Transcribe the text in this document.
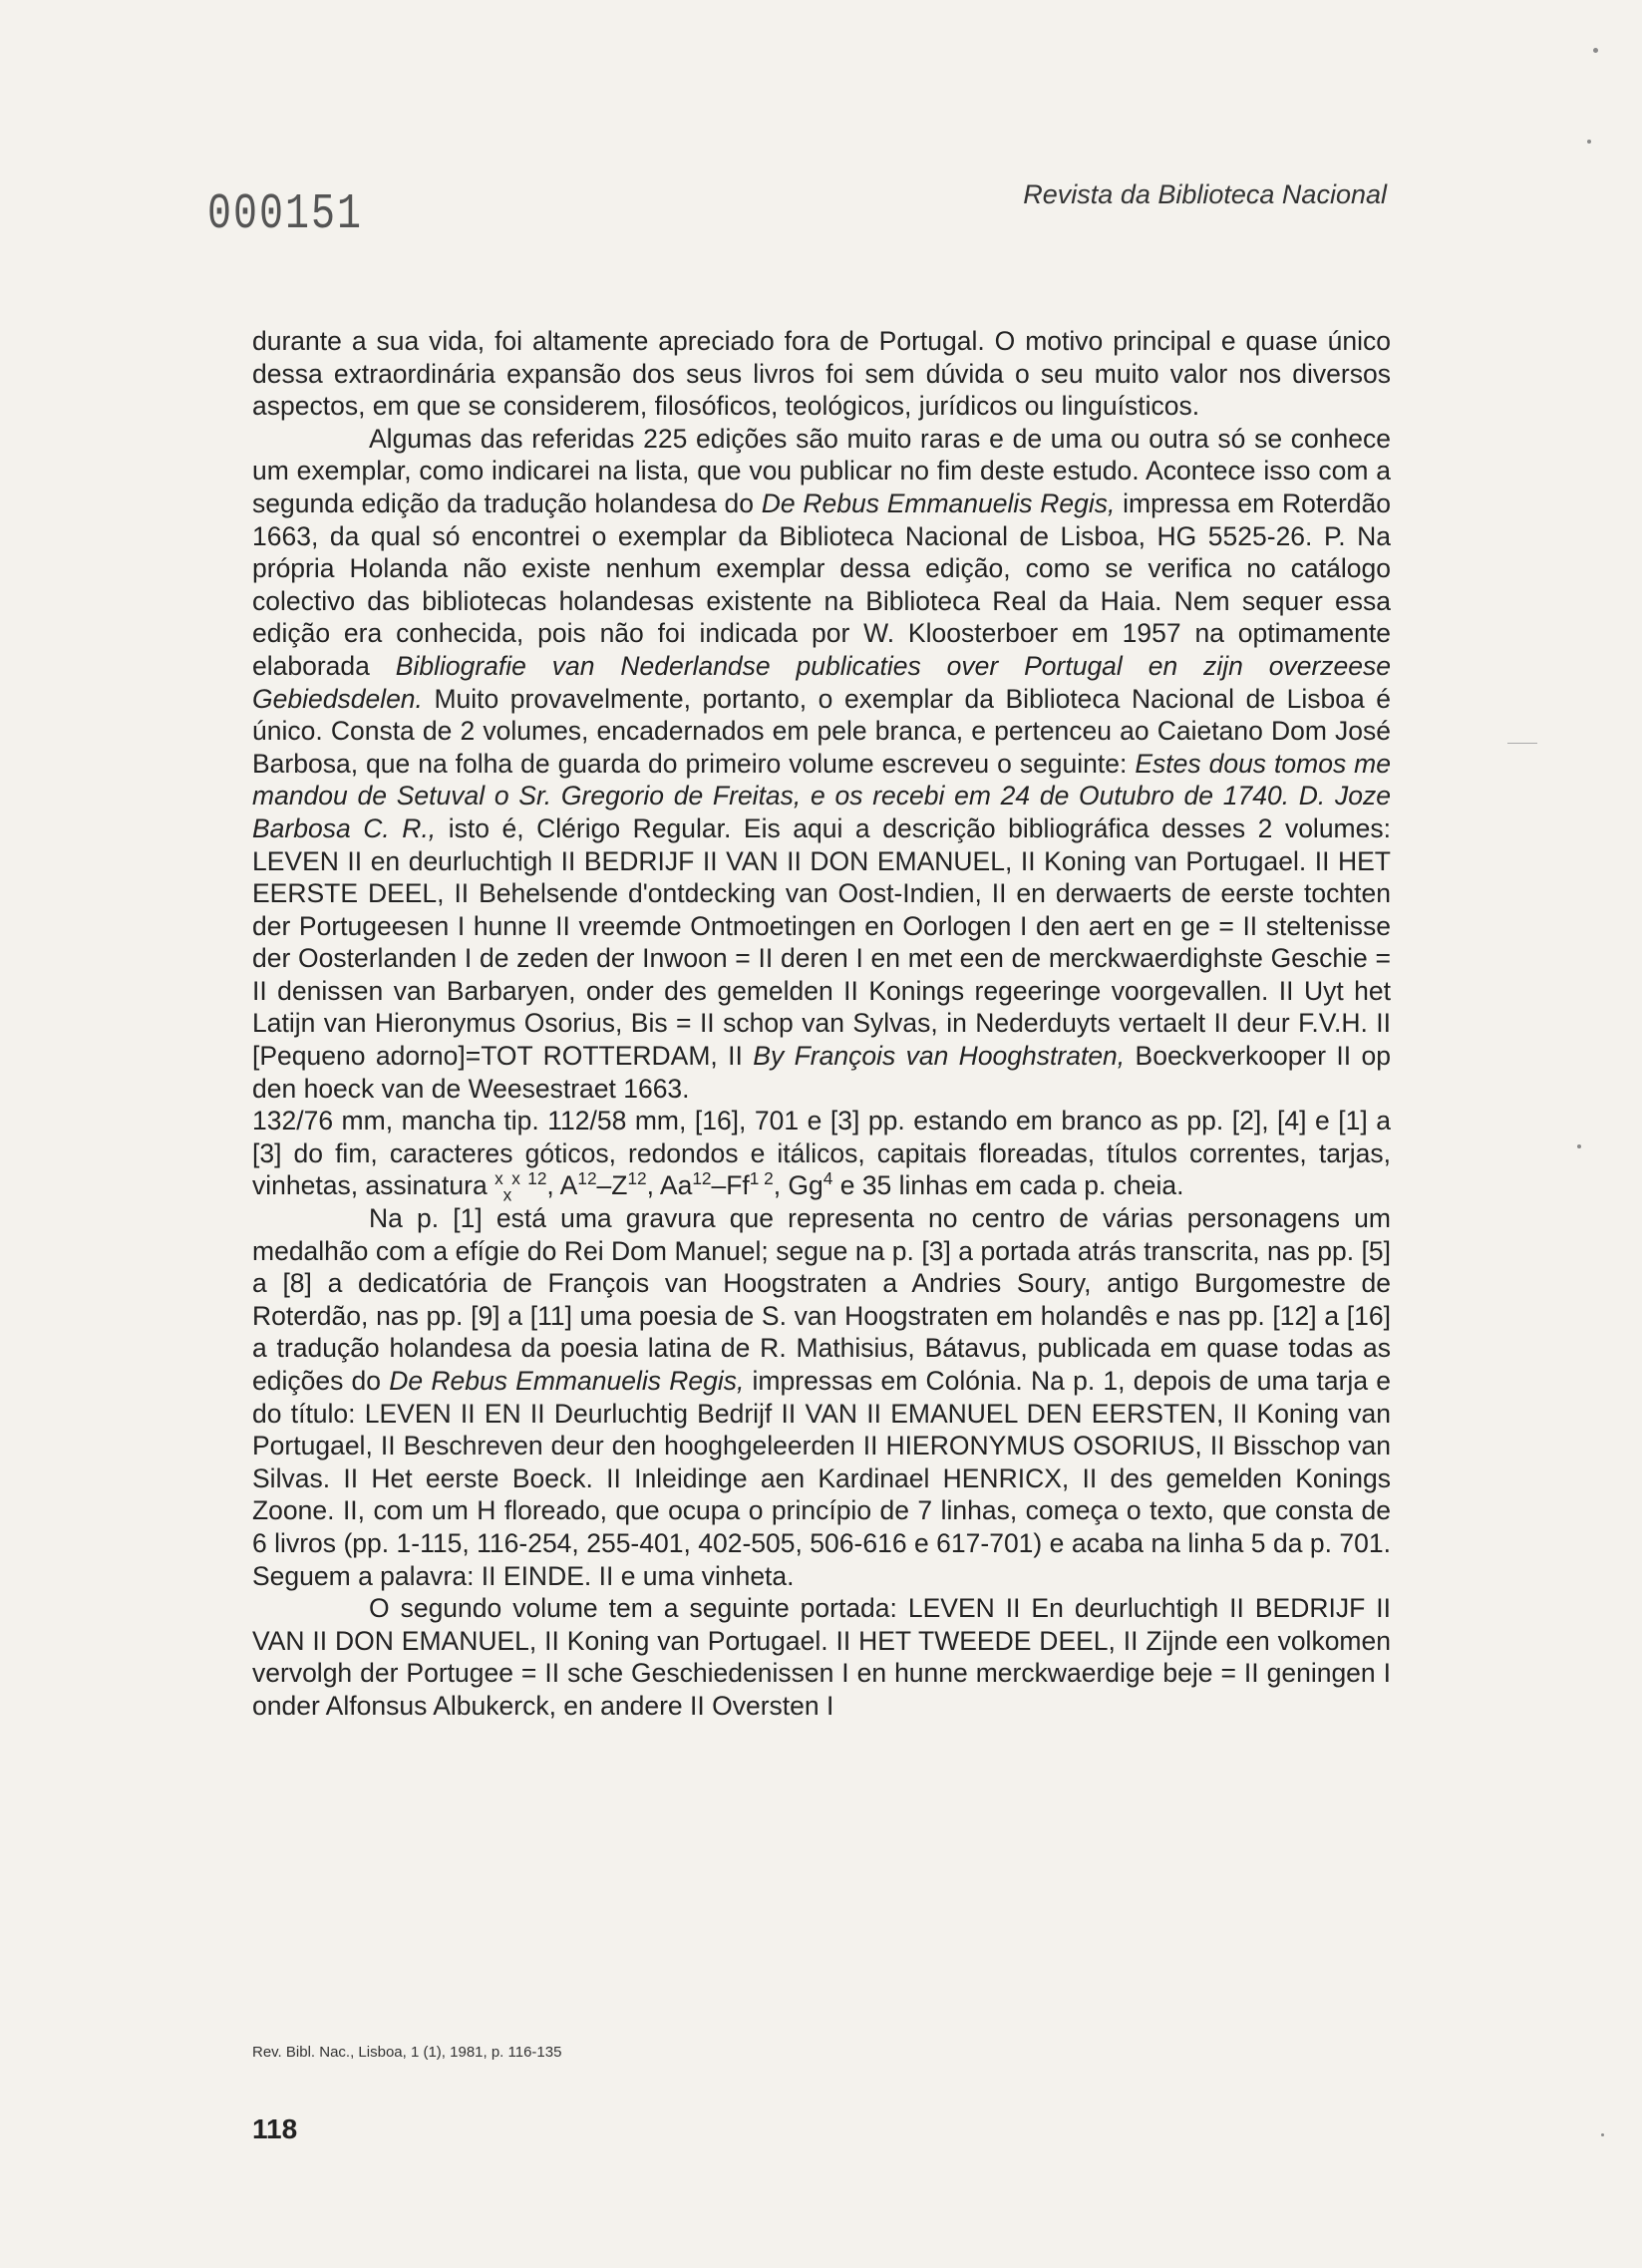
000151	Revista da Biblioteca Nacional

durante a sua vida, foi altamente apreciado fora de Portugal. O motivo principal e quase único dessa extraordinária expansão dos seus livros foi sem dúvida o seu muito valor nos diversos aspectos, em que se considerem, filosóficos, teológicos, jurídicos ou linguísticos.

Algumas das referidas 225 edições são muito raras e de uma ou outra só se conhece um exemplar, como indicarei na lista, que vou publicar no fim deste estudo. Acontece isso com a segunda edição da tradução holandesa do De Rebus Emmanuelis Regis, impressa em Roterdão 1663, da qual só encontrei o exemplar da Biblioteca Nacional de Lisboa, HG 5525-26. P. Na própria Holanda não existe nenhum exemplar dessa edição, como se verifica no catálogo colectivo das bibliotecas holandesas existente na Biblioteca Real da Haia. Nem sequer essa edição era conhecida, pois não foi indicada por W. Kloosterboer em 1957 na optimamente elaborada Bibliografie van Nederlandse publicaties over Portugal en zijn overzeese Gebiedsdelen. Muito provavelmente, portanto, o exemplar da Biblioteca Nacional de Lisboa é único. Consta de 2 volumes, encadernados em pele branca, e pertenceu ao Caietano Dom José Barbosa, que na folha de guarda do primeiro volume escreveu o seguinte: Estes dous tomos me mandou de Setuval o Sr. Gregorio de Freitas, e os recebi em 24 de Outubro de 1740. D. Joze Barbosa C. R., isto é, Clérigo Regular. Eis aqui a descrição bibliográfica desses 2 volumes: LEVEN II en deurluchtigh II BEDRIJF II VAN II DON EMANUEL, II Koning van Portugael. II HET EERSTE DEEL, II Behelsende d'ontdecking van Oost-Indien, II en derwaerts de eerste tochten der Portugeesen I hunne II vreemde Ontmoetingen en Oorlogen I den aert en ge = II steltenisse der Oosterlanden I de zeden der Inwoon = II deren I en met een de merckwaerdighste Geschie = II denissen van Barbaryen, onder des gemelden II Konings regeeringe voorgevallen. II Uyt het Latijn van Hieronymus Osorius, Bis = II schop van Sylvas, in Nederduyts vertaelt II deur F.V.H. II [Pequeno adorno]=TOT ROTTERDAM, II By François van Hooghstraten, Boeckverkooper II op den hoeck van de Weesestraet 1663.

132/76 mm, mancha tip. 112/58 mm, [16], 701 e [3] pp. estando em branco as pp. [2], [4] e [1] a [3] do fim, caracteres góticos, redondos e itálicos, capitais floreadas, títulos correntes, tarjas, vinhetas, assinatura $^x_x^x$ $^{12}$, $A^{12}-Z^{12}$, $Aa^{12}-Ff^{1 2}$, Gg$^4$ e 35 linhas em cada p. cheia.

Na p. [1] está uma gravura que representa no centro de várias personagens um medalhão com a efígie do Rei Dom Manuel; segue na p. [3] a portada atrás transcrita, nas pp. [5] a [8] a dedicatória de François van Hoogstraten a Andries Soury, antigo Burgomestre de Roterdão, nas pp. [9] a [11] uma poesia de S. van Hoogstraten em holandês e nas pp. [12] a [16] a tradução holandesa da poesia latina de R. Mathisius, Bátavus, publicada em quase todas as edições do De Rebus Emmanuelis Regis, impressas em Colónia. Na p. 1, depois de uma tarja e do título: LEVEN II EN II Deurluchtig Bedrijf II VAN II EMANUEL DEN EERSTEN, II Koning van Portugael, II Beschreven deur den hooghgeleerden II HIERONYMUS OSORIUS, II Bisschop van Silvas. II Het eerste Boeck. II Inleidinge aen Kardinael HENRICX, II des gemelden Konings Zoone. II, com um H floreado, que ocupa o princípio de 7 linhas, começa o texto, que consta de 6 livros (pp. 1-115, 116-254, 255-401, 402-505, 506-616 e 617-701) e acaba na linha 5 da p. 701. Seguem a palavra: II EINDE. II e uma vinheta.

O segundo volume tem a seguinte portada: LEVEN II En deurluchtigh II BEDRIJF II VAN II DON EMANUEL, II Koning van Portugael. II HET TWEEDE DEEL, II Zijnde een volkomen vervolgh der Portugee = II sche Geschiedenissen I en hunne merckwaerdige beje = II geningen I onder Alfonsus Albukerck, en andere II Oversten I

Rev. Bibl. Nac., Lisboa, 1 (1), 1981, p. 116-135
118
